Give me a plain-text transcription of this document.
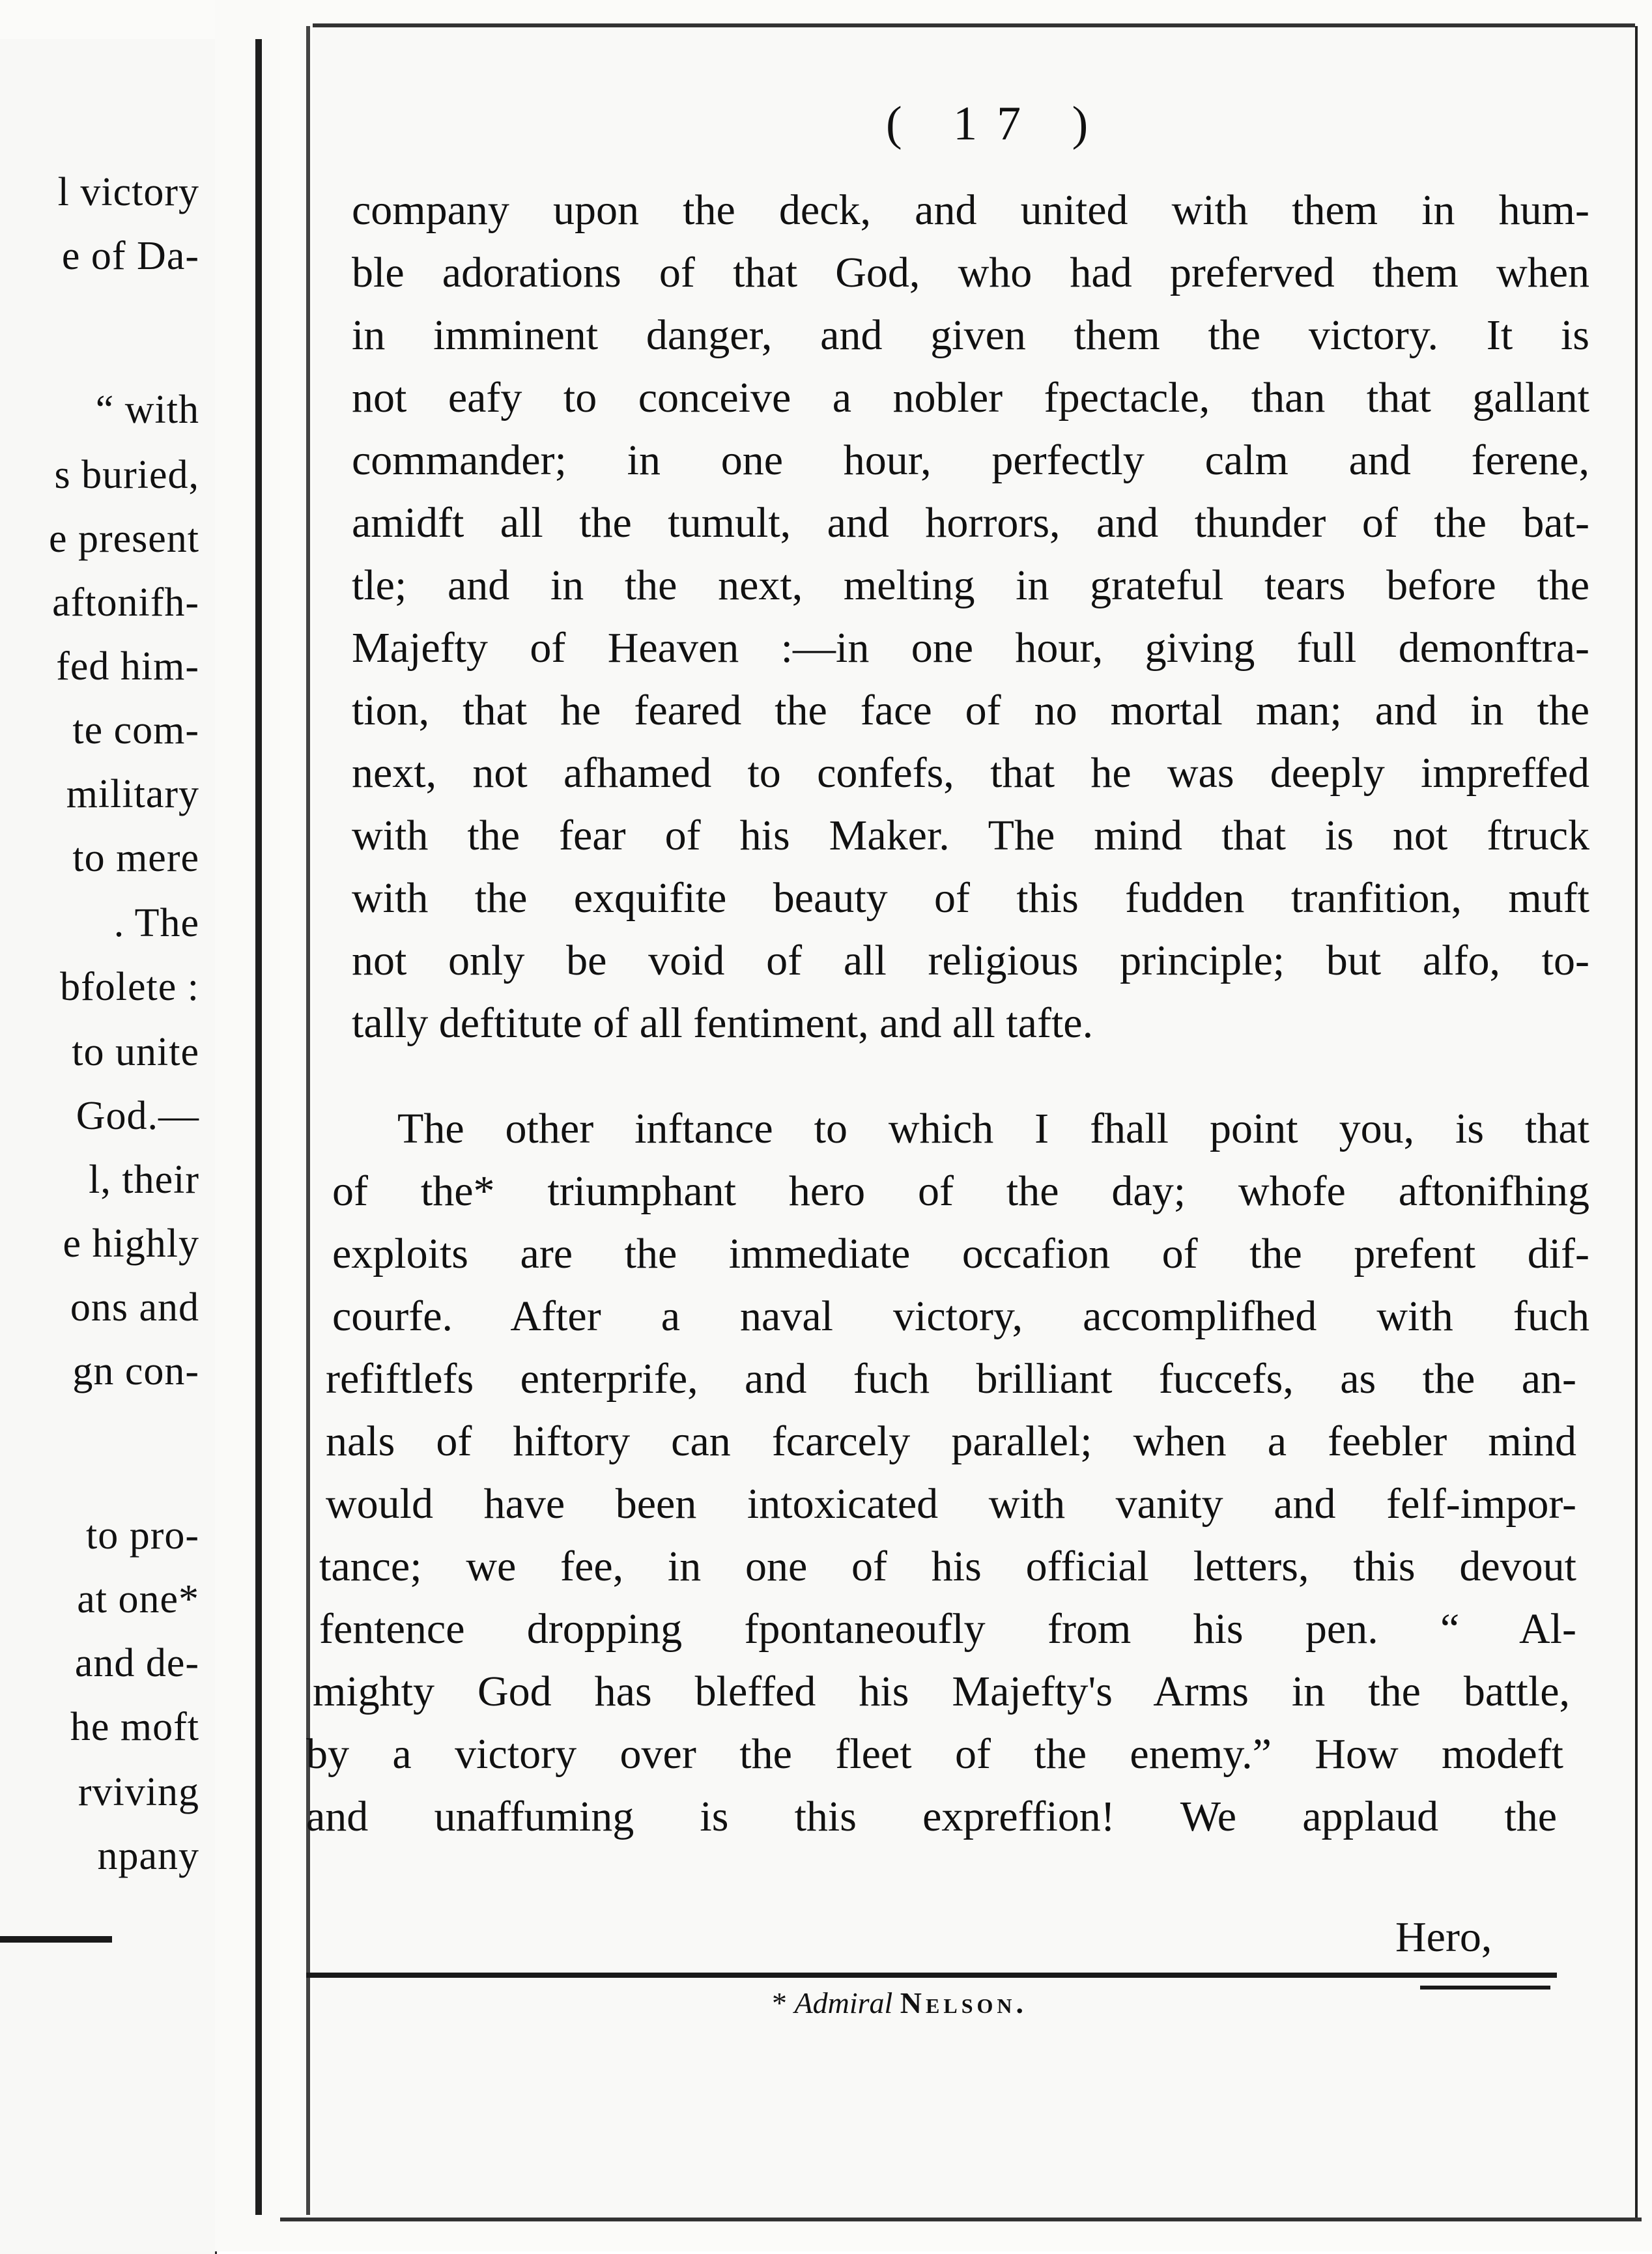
l victory
e of Da-
“ with
s buried,
e present
aftonifh-
fed him-
te com-
military
to mere
. The
bfolete :
to unite
God.—
l, their
e highly
ons and
gn con-
to pro-
at one*
and de-
he moft
rviving
npany
( 17 )
company upon the deck, and united with them in hum-
ble adorations of that God, who had preferved them when
in imminent danger, and given them the victory. It is
not eafy to conceive a nobler fpectacle, than that gallant
commander; in one hour, perfectly calm and ferene,
amidft all the tumult, and horrors, and thunder of the bat-
tle; and in the next, melting in grateful tears before the
Majefty of Heaven :—in one hour, giving full demonftra-
tion, that he feared the face of no mortal man; and in the
next, not afhamed to confefs, that he was deeply impreffed
with the fear of his Maker. The mind that is not ftruck
with the exquifite beauty of this fudden tranfition, muft
not only be void of all religious principle; but alfo, to-
tally deftitute of all fentiment, and all tafte.
The other inftance to which I fhall point you, is that
of the* triumphant hero of the day; whofe aftonifhing
exploits are the immediate occafion of the prefent dif-
courfe. After a naval victory, accomplifhed with fuch
refiftlefs enterprife, and fuch brilliant fuccefs, as the an-
nals of hiftory can fcarcely parallel; when a feebler mind
would have been intoxicated with vanity and felf-impor-
tance; we fee, in one of his official letters, this devout
fentence dropping fpontaneoufly from his pen. “ Al-
mighty God has bleffed his Majefty's Arms in the battle,
by a victory over the fleet of the enemy.” How modeft
and unaffuming is this expreffion! We applaud the
Hero,
* Admiral Nelson.
